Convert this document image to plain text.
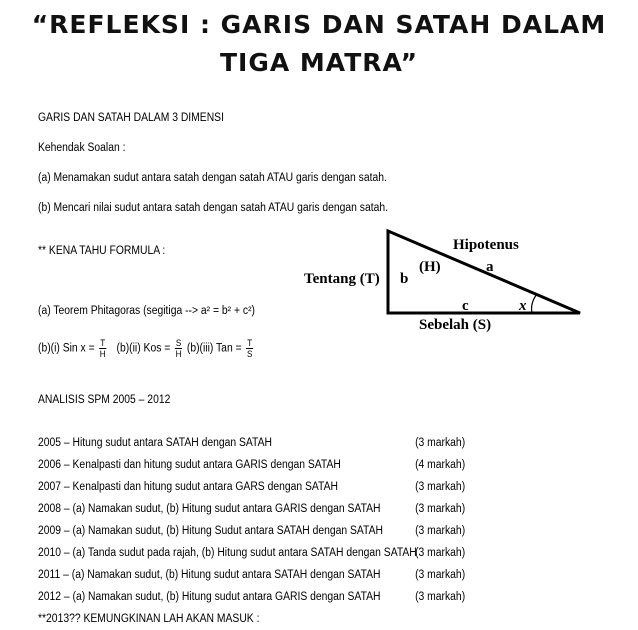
“REFLEKSI : GARIS DAN SATAH DALAM
TIGA MATRA”
GARIS DAN SATAH DALAM 3 DIMENSI
Kehendak Soalan :
(a) Menamakan sudut antara satah dengan satah ATAU garis dengan satah.
(b) Mencari nilai sudut antara satah dengan satah ATAU garis dengan satah.
** KENA TAHU FORMULA :
(a) Teorem Phitagoras (segitiga --> a² = b² + c²)
(b)(i) Sin $x = \frac{T}{H} (b)(ii)$ Kos = $\frac{S}{H} (b)(iii)$ Tan = $\frac{T}{S}$
Hipotenus
(H)	a
Tentang (T) b
c	x
Sebelah (S)
ANALISIS SPM 2005 – 2012
2005 – Hitung sudut antara SATAH dengan SATAH	(3 markah)
2006 – Kenalpasti dan hitung sudut antara GARIS dengan SATAH	(4 markah)
2007 – Kenalpasti dan hitung sudut antara GARS dengan SATAH	(3 markah)
2008 – (a) Namakan sudut, (b) Hitung sudut antara GARIS dengan SATAH	(3 markah)
2009 – (a) Namakan sudut, (b) Hitung Sudut antara SATAH dengan SATAH	(3 markah)
2010 – (a) Tanda sudut pada rajah, (b) Hitung sudut antara SATAH dengan SATAH
(3 markah)
2011 – (a) Namakan sudut, (b) Hitung sudut antara SATAH dengan SATAH	(3 markah)
2012 – (a) Namakan sudut, (b) Hitung sudut antara GARIS dengan SATAH	(3 markah)
**2013?? KEMUNGKINAN LAH AKAN MASUK :
